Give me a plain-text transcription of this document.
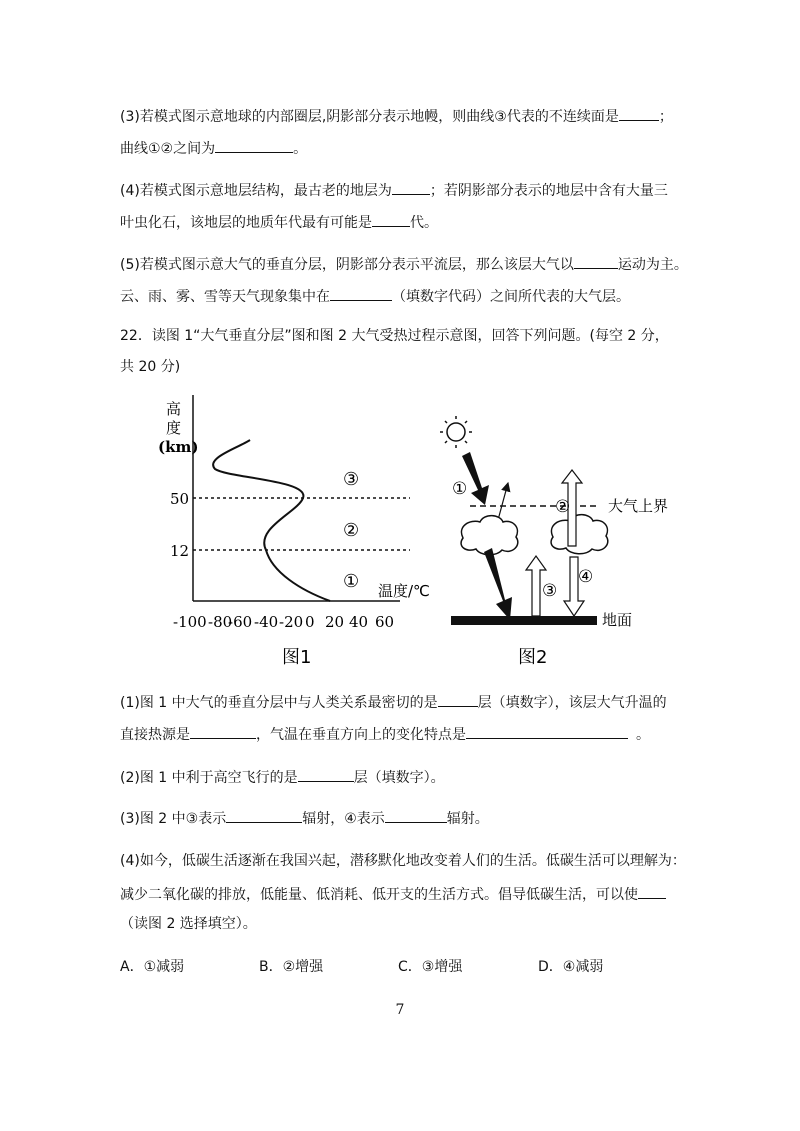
(3)若模式图示意地球的内部圈层,阴影部分表示地幔，则曲线③代表的不连续面是	；
曲线①②之间为	。
(4)若模式图示意地层结构，最古老的地层为	；若阴影部分表示的地层中含有大量三
叶虫化石，该地层的地质年代最有可能是	代。
(5)若模式图示意大气的垂直分层，阴影部分表示平流层，那么该层大气以	运动为主。
云、雨、雾、雪等天气现象集中在	（填数字代码）之间所代表的大气层。
22．读图 1“大气垂直分层”图和图 2 大气受热过程示意图，回答下列问题。(每空 2 分，
共 20 分)
高
度
(km)
50
12
③
②
① 温度/℃
-100 -80
-60 -40 -20 0 20 40 60
图1
大气上界
①
②
③
④
地面
图2
(1)图 1 中大气的垂直分层中与人类关系最密切的是	层（填数字），该层大气升温的
直接热源是	，气温在垂直方向上的变化特点是	。
(2)图 1 中利于高空飞行的是	层（填数字）。
(3)图 2 中③表示	辐射，④表示	辐射。
(4)如今，低碳生活逐渐在我国兴起，潜移默化地改变着人们的生活。低碳生活可以理解为：
减少二氧化碳的排放，低能量、低消耗、低开支的生活方式。倡导低碳生活，可以使
（读图 2 选择填空）。
A．①减弱	B．②增强	C．③增强	D．④减弱
7
